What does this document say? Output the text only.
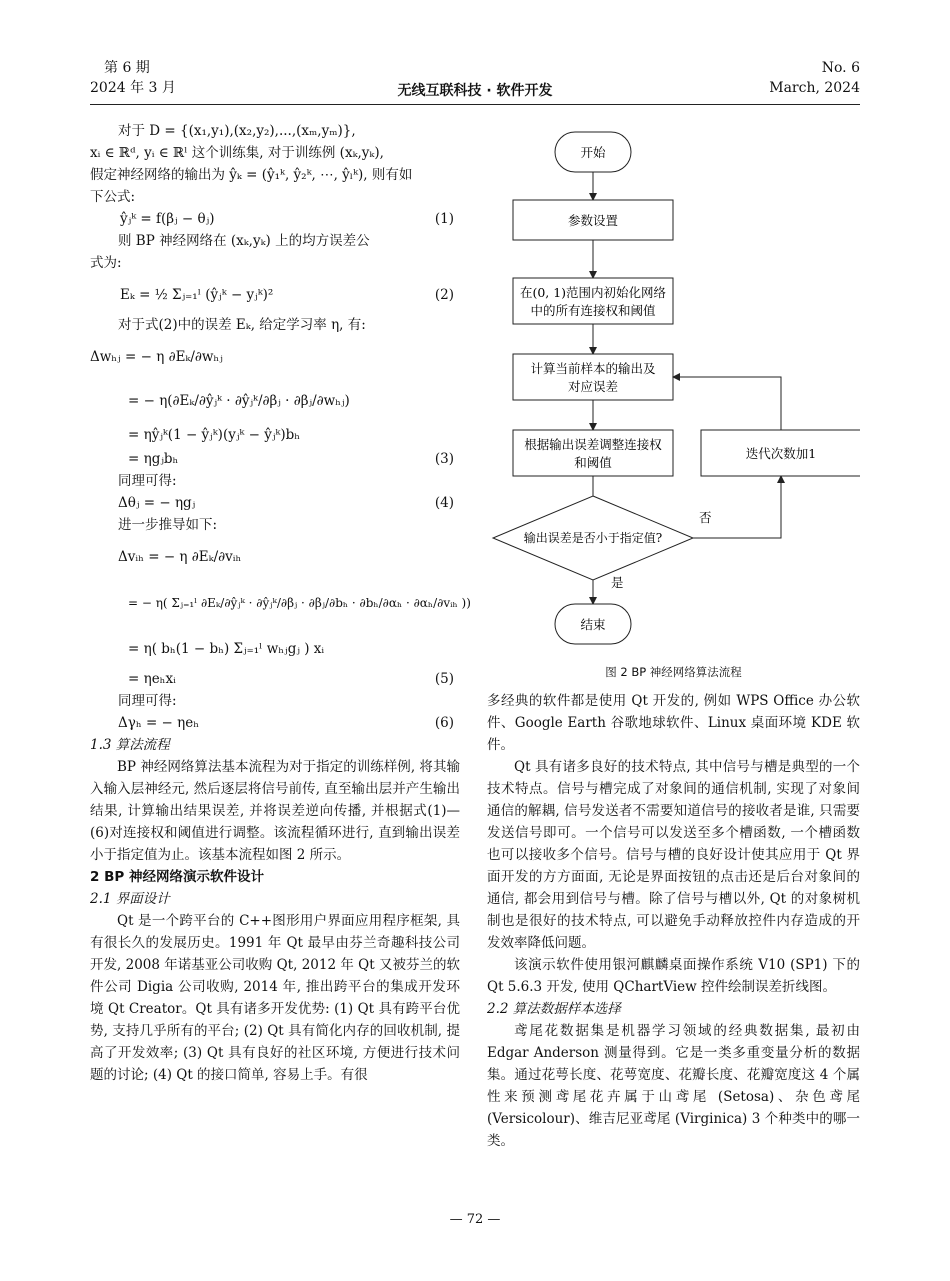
第 6 期
2024 年 3 月	无线互联科技 · 软件开发
No. 6
March, 2024

对于 D = {(x₁,y₁),(x₂,y₂),...,(xₘ,yₘ)},

xᵢ ∈ ℝᵈ, yᵢ ∈ ℝˡ 这个训练集, 对于训练例 (xₖ,yₖ),

假定神经网络的输出为 ŷₖ = (ŷ₁ᵏ, ŷ₂ᵏ, ⋯, ŷₗᵏ), 则有如

下公式:

ŷⱼᵏ = f(βⱼ − θⱼ)	(1)

则 BP 神经网络在 (xₖ,yₖ) 上的均方误差公

式为:

Eₖ = ½ Σⱼ₌₁ˡ (ŷⱼᵏ − yⱼᵏ)²	(2)

对于式(2)中的误差 Eₖ, 给定学习率 η, 有:

Δwₕⱼ = − η ∂Eₖ/∂wₕⱼ
= − η(∂Eₖ/∂ŷⱼᵏ · ∂ŷⱼᵏ/∂βⱼ · ∂βⱼ/∂wₕⱼ)
= ηŷⱼᵏ(1 − ŷⱼᵏ)(yⱼᵏ − ŷⱼᵏ)bₕ
= ηgⱼbₕ	(3)

同理可得:

Δθⱼ = − ηgⱼ	(4)

进一步推导如下:

Δvᵢₕ = − η ∂Eₖ/∂vᵢₕ
= − η( Σⱼ₌₁ˡ ∂Eₖ/∂ŷⱼᵏ · ∂ŷⱼᵏ/∂βⱼ · ∂βⱼ/∂bₕ · ∂bₕ/∂αₕ · ∂αₕ/∂vᵢₕ ))
= η( bₕ(1 − bₕ) Σⱼ₌₁ˡ wₕⱼgⱼ ) xᵢ
= ηeₕxᵢ	(5)

同理可得:

Δγₕ = − ηeₕ	(6)

1.3 算法流程

BP 神经网络算法基本流程为对于指定的训练样例, 将其输入输入层神经元, 然后逐层将信号前传, 直至输出层并产生输出结果, 计算输出结果误差, 并将误差逆向传播, 并根据式(1)—(6)对连接权和阈值进行调整。该流程循环进行, 直到输出误差小于指定值为止。该基本流程如图 2 所示。

2 BP 神经网络演示软件设计

2.1 界面设计

Qt 是一个跨平台的 C++图形用户界面应用程序框架, 具有很长久的发展历史。1991 年 Qt 最早由芬兰奇趣科技公司开发, 2008 年诺基亚公司收购 Qt, 2012 年 Qt 又被芬兰的软件公司 Digia 公司收购, 2014 年, 推出跨平台的集成开发环境 Qt Creator。Qt 具有诸多开发优势: (1) Qt 具有跨平台优势, 支持几乎所有的平台; (2) Qt 具有简化内存的回收机制, 提高了开发效率; (3) Qt 具有良好的社区环境, 方便进行技术问题的讨论; (4) Qt 的接口简单, 容易上手。有很

开始
参数设置
在(0, 1)范围内初始化网络
中的所有连接权和阈值
计算当前样本的输出及
对应误差
根据输出误差调整连接权
和阈值
输出误差是否小于指定值?
否
迭代次数加1
是
结束
图 2 BP 神经网络算法流程

多经典的软件都是使用 Qt 开发的, 例如 WPS Office 办公软件、Google Earth 谷歌地球软件、Linux 桌面环境 KDE 软件。

Qt 具有诸多良好的技术特点, 其中信号与槽是典型的一个技术特点。信号与槽完成了对象间的通信机制, 实现了对象间通信的解耦, 信号发送者不需要知道信号的接收者是谁, 只需要发送信号即可。一个信号可以发送至多个槽函数, 一个槽函数也可以接收多个信号。信号与槽的良好设计使其应用于 Qt 界面开发的方方面面, 无论是界面按钮的点击还是后台对象间的通信, 都会用到信号与槽。除了信号与槽以外, Qt 的对象树机制也是很好的技术特点, 可以避免手动释放控件内存造成的开发效率降低问题。

该演示软件使用银河麒麟桌面操作系统 V10 (SP1) 下的 Qt 5.6.3 开发, 使用 QChartView 控件绘制误差折线图。

2.2 算法数据样本选择

鸢尾花数据集是机器学习领域的经典数据集, 最初由 Edgar Anderson 测量得到。它是一类多重变量分析的数据集。通过花萼长度、花萼宽度、花瓣长度、花瓣宽度这 4 个属性来预测鸢尾花卉属于山鸢尾 (Setosa)、杂色鸢尾 (Versicolour)、维吉尼亚鸢尾 (Virginica) 3 个种类中的哪一类。

— 72 —
